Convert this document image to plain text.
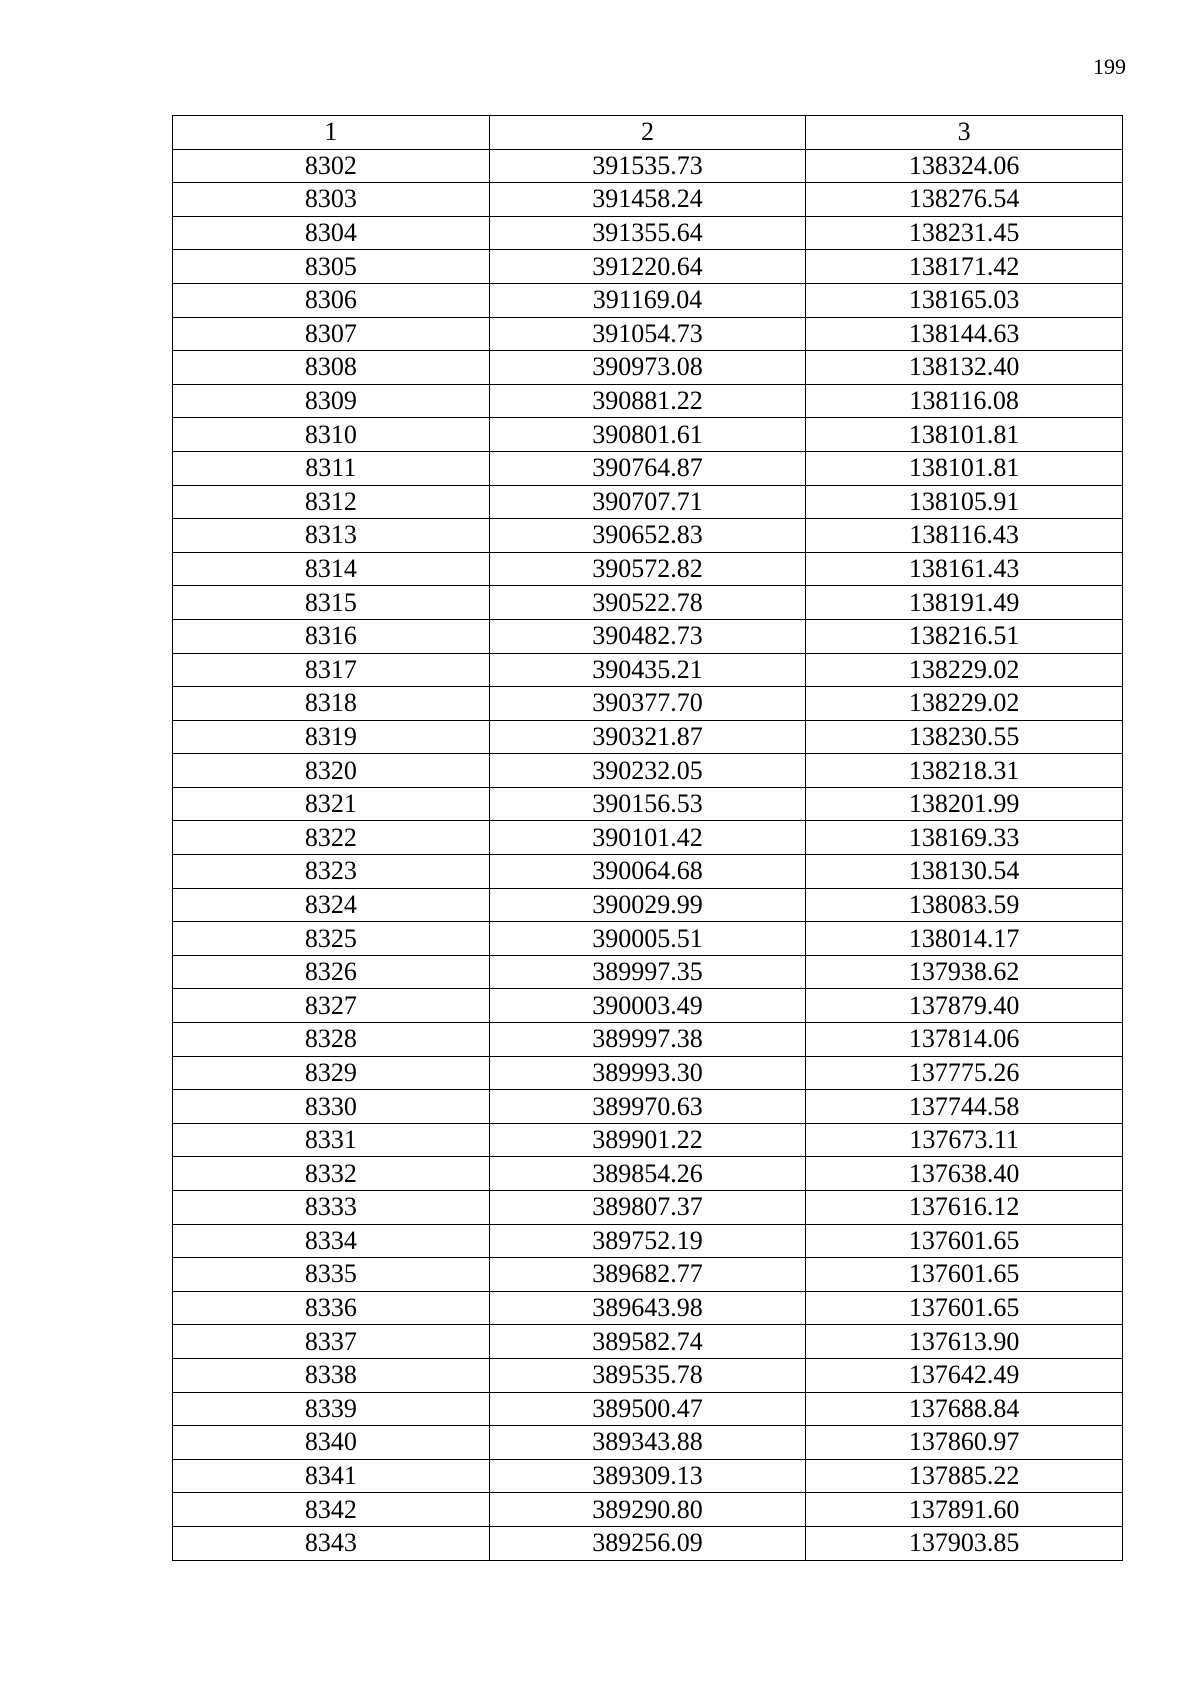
199
1	2	3
8302	391535.73	138324.06
8303	391458.24	138276.54
8304	391355.64	138231.45
8305	391220.64	138171.42
8306	391169.04	138165.03
8307	391054.73	138144.63
8308	390973.08	138132.40
8309	390881.22	138116.08
8310	390801.61	138101.81
8311	390764.87	138101.81
8312	390707.71	138105.91
8313	390652.83	138116.43
8314	390572.82	138161.43
8315	390522.78	138191.49
8316	390482.73	138216.51
8317	390435.21	138229.02
8318	390377.70	138229.02
8319	390321.87	138230.55
8320	390232.05	138218.31
8321	390156.53	138201.99
8322	390101.42	138169.33
8323	390064.68	138130.54
8324	390029.99	138083.59
8325	390005.51	138014.17
8326	389997.35	137938.62
8327	390003.49	137879.40
8328	389997.38	137814.06
8329	389993.30	137775.26
8330	389970.63	137744.58
8331	389901.22	137673.11
8332	389854.26	137638.40
8333	389807.37	137616.12
8334	389752.19	137601.65
8335	389682.77	137601.65
8336	389643.98	137601.65
8337	389582.74	137613.90
8338	389535.78	137642.49
8339	389500.47	137688.84
8340	389343.88	137860.97
8341	389309.13	137885.22
8342	389290.80	137891.60
8343	389256.09	137903.85
